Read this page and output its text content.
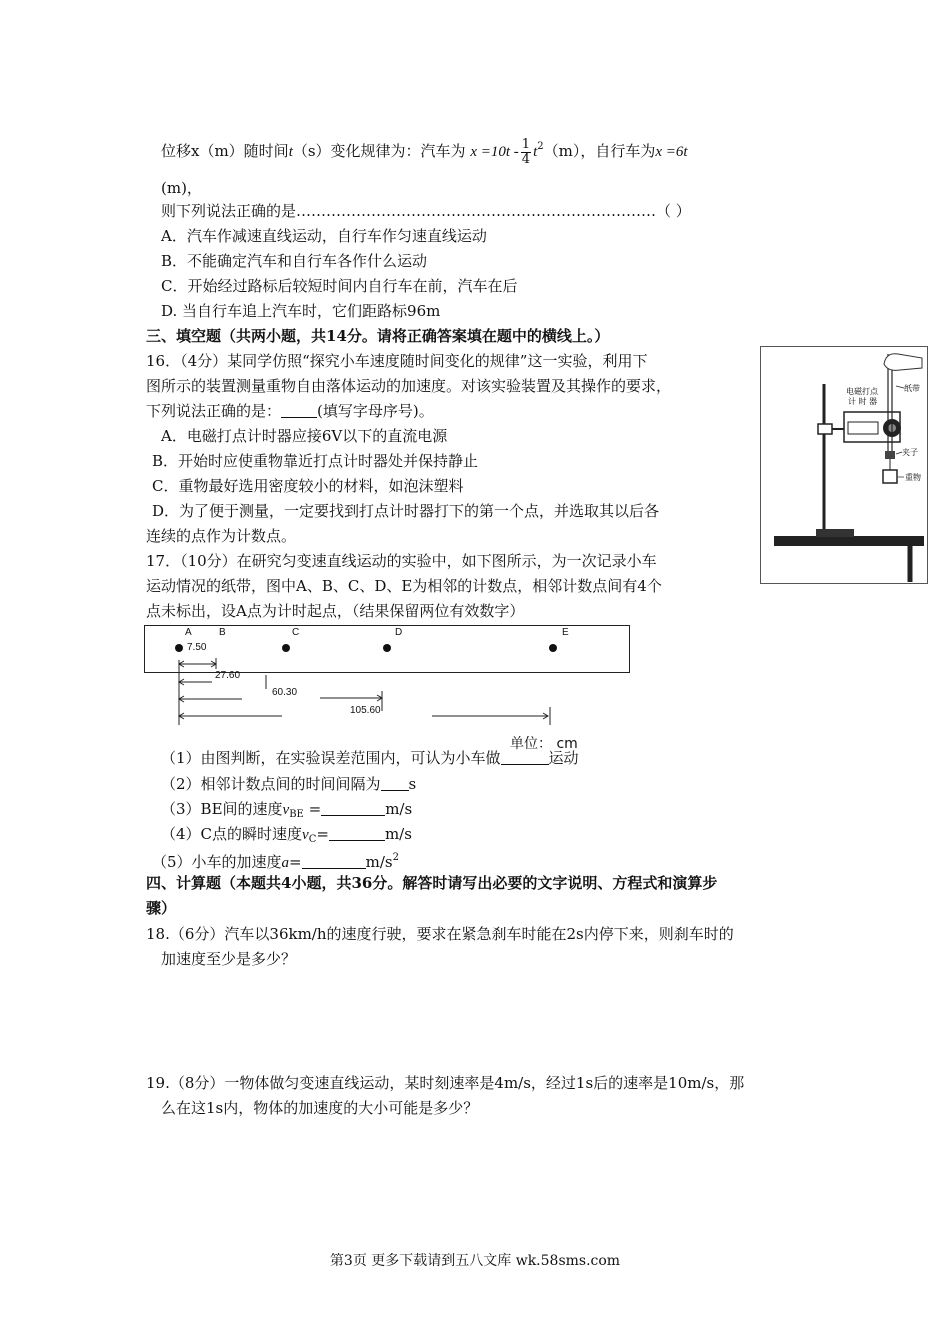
位移x（m）随时间t（s）变化规律为：汽车为 $x =10t - \frac{1}{4} t^2(m)$，自行车为x =6t
(m)，
则下列说法正确的是………………………………………………………………（ ）
A．汽车作减速直线运动，自行车作匀速直线运动
B．不能确定汽车和自行车各作什么运动
C．开始经过路标后较短时间内自行车在前，汽车在后
D. 当自行车追上汽车时，它们距路标96m
三、填空题（共两小题，共14分。请将正确答案填在题中的横线上。）
16．（4分）某同学仿照“探究小车速度随时间变化的规律”这一实验，利用下
图所示的装置测量重物自由落体运动的加速度。对该实验装置及其操作的要求，
下列说法正确的是： (填写字母序号)。
A．电磁打点计时器应接6V以下的直流电源
B．开始时应使重物靠近打点计时器处并保持静止
C．重物最好选用密度较小的材料，如泡沫塑料
D．为了便于测量，一定要找到打点计时器打下的第一个点，并选取其以后各
连续的点作为计数点。
电磁打点
计 时 器
纸带
夹子
重物
17．（10分）在研究匀变速直线运动的实验中，如下图所示，为一次记录小车
运动情况的纸带，图中A、B、C、D、E为相邻的计数点，相邻计数点间有4个
点未标出，设A点为计时起点，（结果保留两位有效数字）
A	B	C	D	E
7.50
27.60
60.30
105.60
单位： cm
（1）由图判断，在实验误差范围内，可认为小车做	运动
（2）相邻计数点间的时间间隔为 s
（3）BE间的速度$v_{BE}$ =	m/s
（4）C点的瞬时速度$v_C=$	m/s
（5）小车的加速度a=	$m/s^2$
四、计算题（本题共4小题，共36分。解答时请写出必要的文字说明、方程式和演算步
骤）
18.（6分）汽车以36km/h的速度行驶，要求在紧急刹车时能在2s内停下来，则刹车时的
加速度至少是多少？
19.（8分）一物体做匀变速直线运动，某时刻速率是4m/s，经过1s后的速率是10m/s，那
么在这1s内，物体的加速度的大小可能是多少？
第3页 更多下载请到五八文库 wk.58sms.com
